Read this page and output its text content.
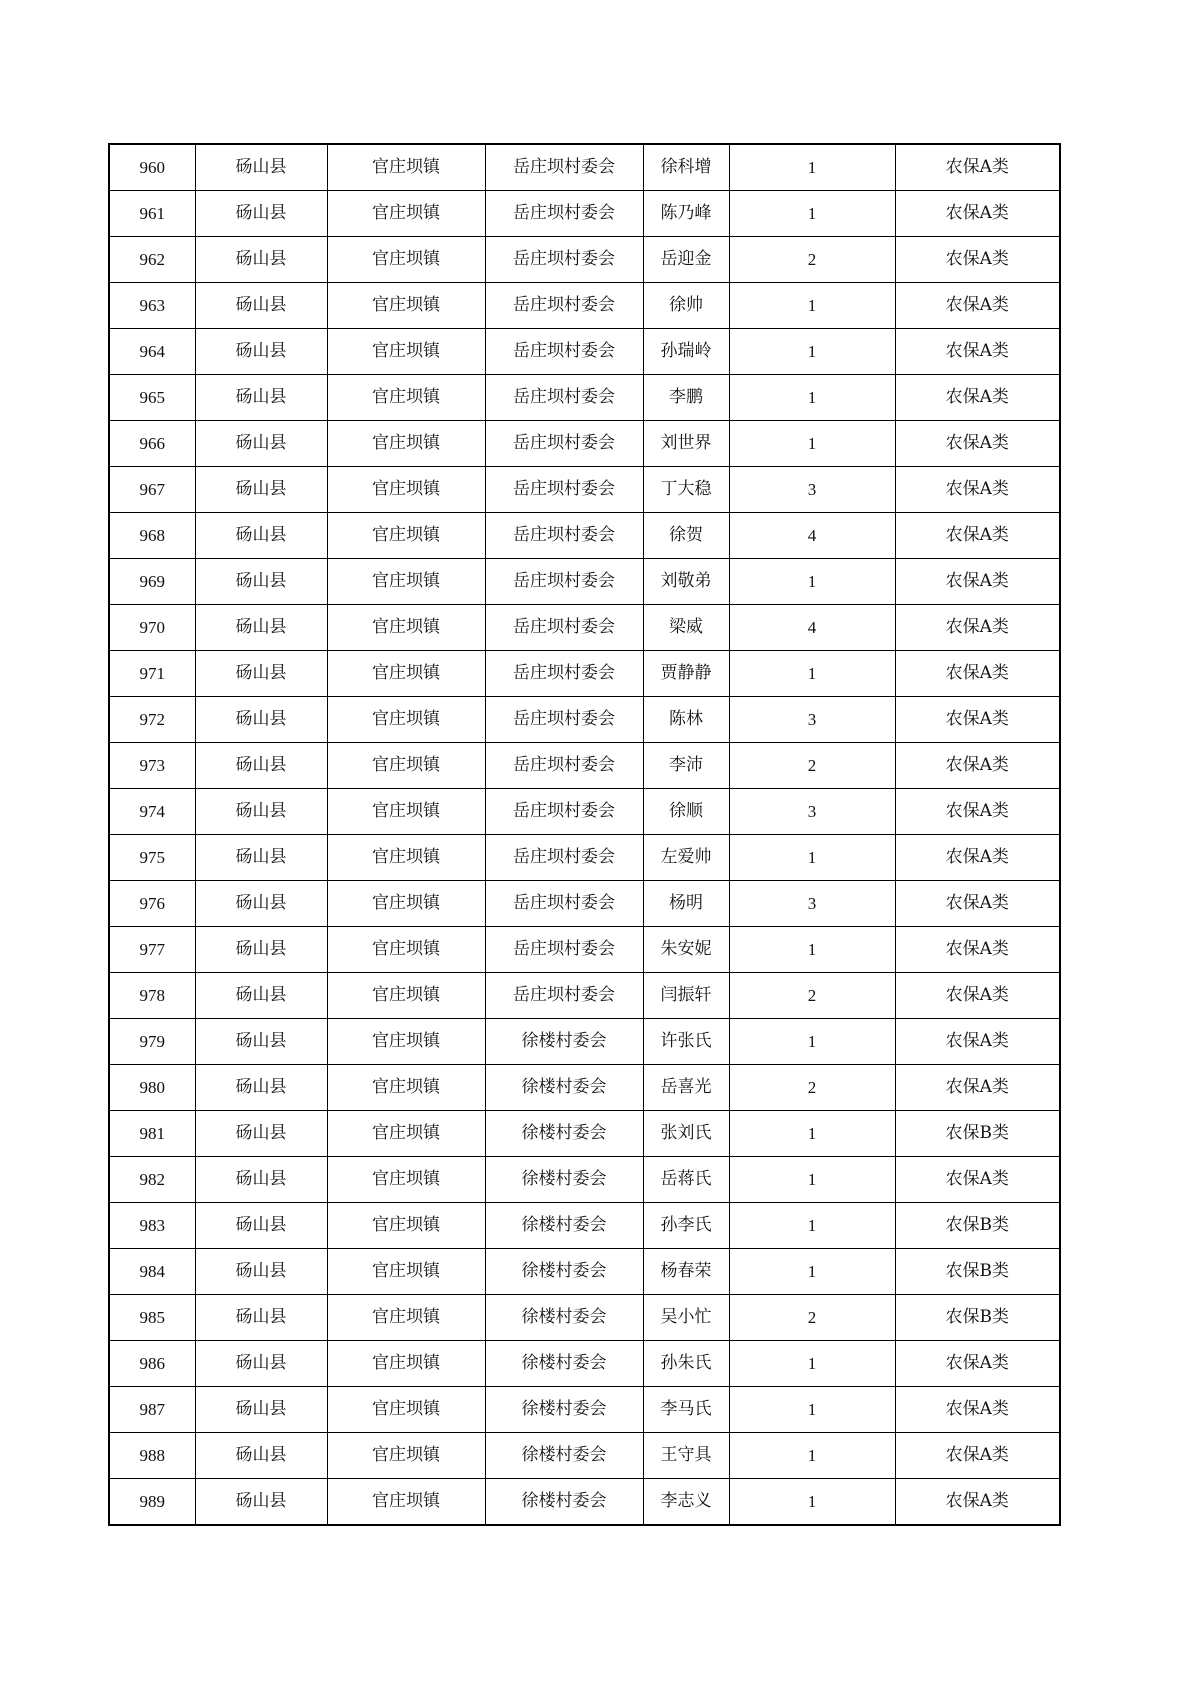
960	砀山县	官庄坝镇	岳庄坝村委会	徐科增	1	农保A类
961	砀山县	官庄坝镇	岳庄坝村委会	陈乃峰	1	农保A类
962	砀山县	官庄坝镇	岳庄坝村委会	岳迎金	2	农保A类
963	砀山县	官庄坝镇	岳庄坝村委会	徐帅	1	农保A类
964	砀山县	官庄坝镇	岳庄坝村委会	孙瑞岭	1	农保A类
965	砀山县	官庄坝镇	岳庄坝村委会	李鹏	1	农保A类
966	砀山县	官庄坝镇	岳庄坝村委会	刘世界	1	农保A类
967	砀山县	官庄坝镇	岳庄坝村委会	丁大稳	3	农保A类
968	砀山县	官庄坝镇	岳庄坝村委会	徐贺	4	农保A类
969	砀山县	官庄坝镇	岳庄坝村委会	刘敬弟	1	农保A类
970	砀山县	官庄坝镇	岳庄坝村委会	梁威	4	农保A类
971	砀山县	官庄坝镇	岳庄坝村委会	贾静静	1	农保A类
972	砀山县	官庄坝镇	岳庄坝村委会	陈林	3	农保A类
973	砀山县	官庄坝镇	岳庄坝村委会	李沛	2	农保A类
974	砀山县	官庄坝镇	岳庄坝村委会	徐顺	3	农保A类
975	砀山县	官庄坝镇	岳庄坝村委会	左爱帅	1	农保A类
976	砀山县	官庄坝镇	岳庄坝村委会	杨明	3	农保A类
977	砀山县	官庄坝镇	岳庄坝村委会	朱安妮	1	农保A类
978	砀山县	官庄坝镇	岳庄坝村委会	闫振轩	2	农保A类
979	砀山县	官庄坝镇	徐楼村委会	许张氏	1	农保A类
980	砀山县	官庄坝镇	徐楼村委会	岳喜光	2	农保A类
981	砀山县	官庄坝镇	徐楼村委会	张刘氏	1	农保B类
982	砀山县	官庄坝镇	徐楼村委会	岳蒋氏	1	农保A类
983	砀山县	官庄坝镇	徐楼村委会	孙李氏	1	农保B类
984	砀山县	官庄坝镇	徐楼村委会	杨春荣	1	农保B类
985	砀山县	官庄坝镇	徐楼村委会	吴小忙	2	农保B类
986	砀山县	官庄坝镇	徐楼村委会	孙朱氏	1	农保A类
987	砀山县	官庄坝镇	徐楼村委会	李马氏	1	农保A类
988	砀山县	官庄坝镇	徐楼村委会	王守具	1	农保A类
989	砀山县	官庄坝镇	徐楼村委会	李志义	1	农保A类
